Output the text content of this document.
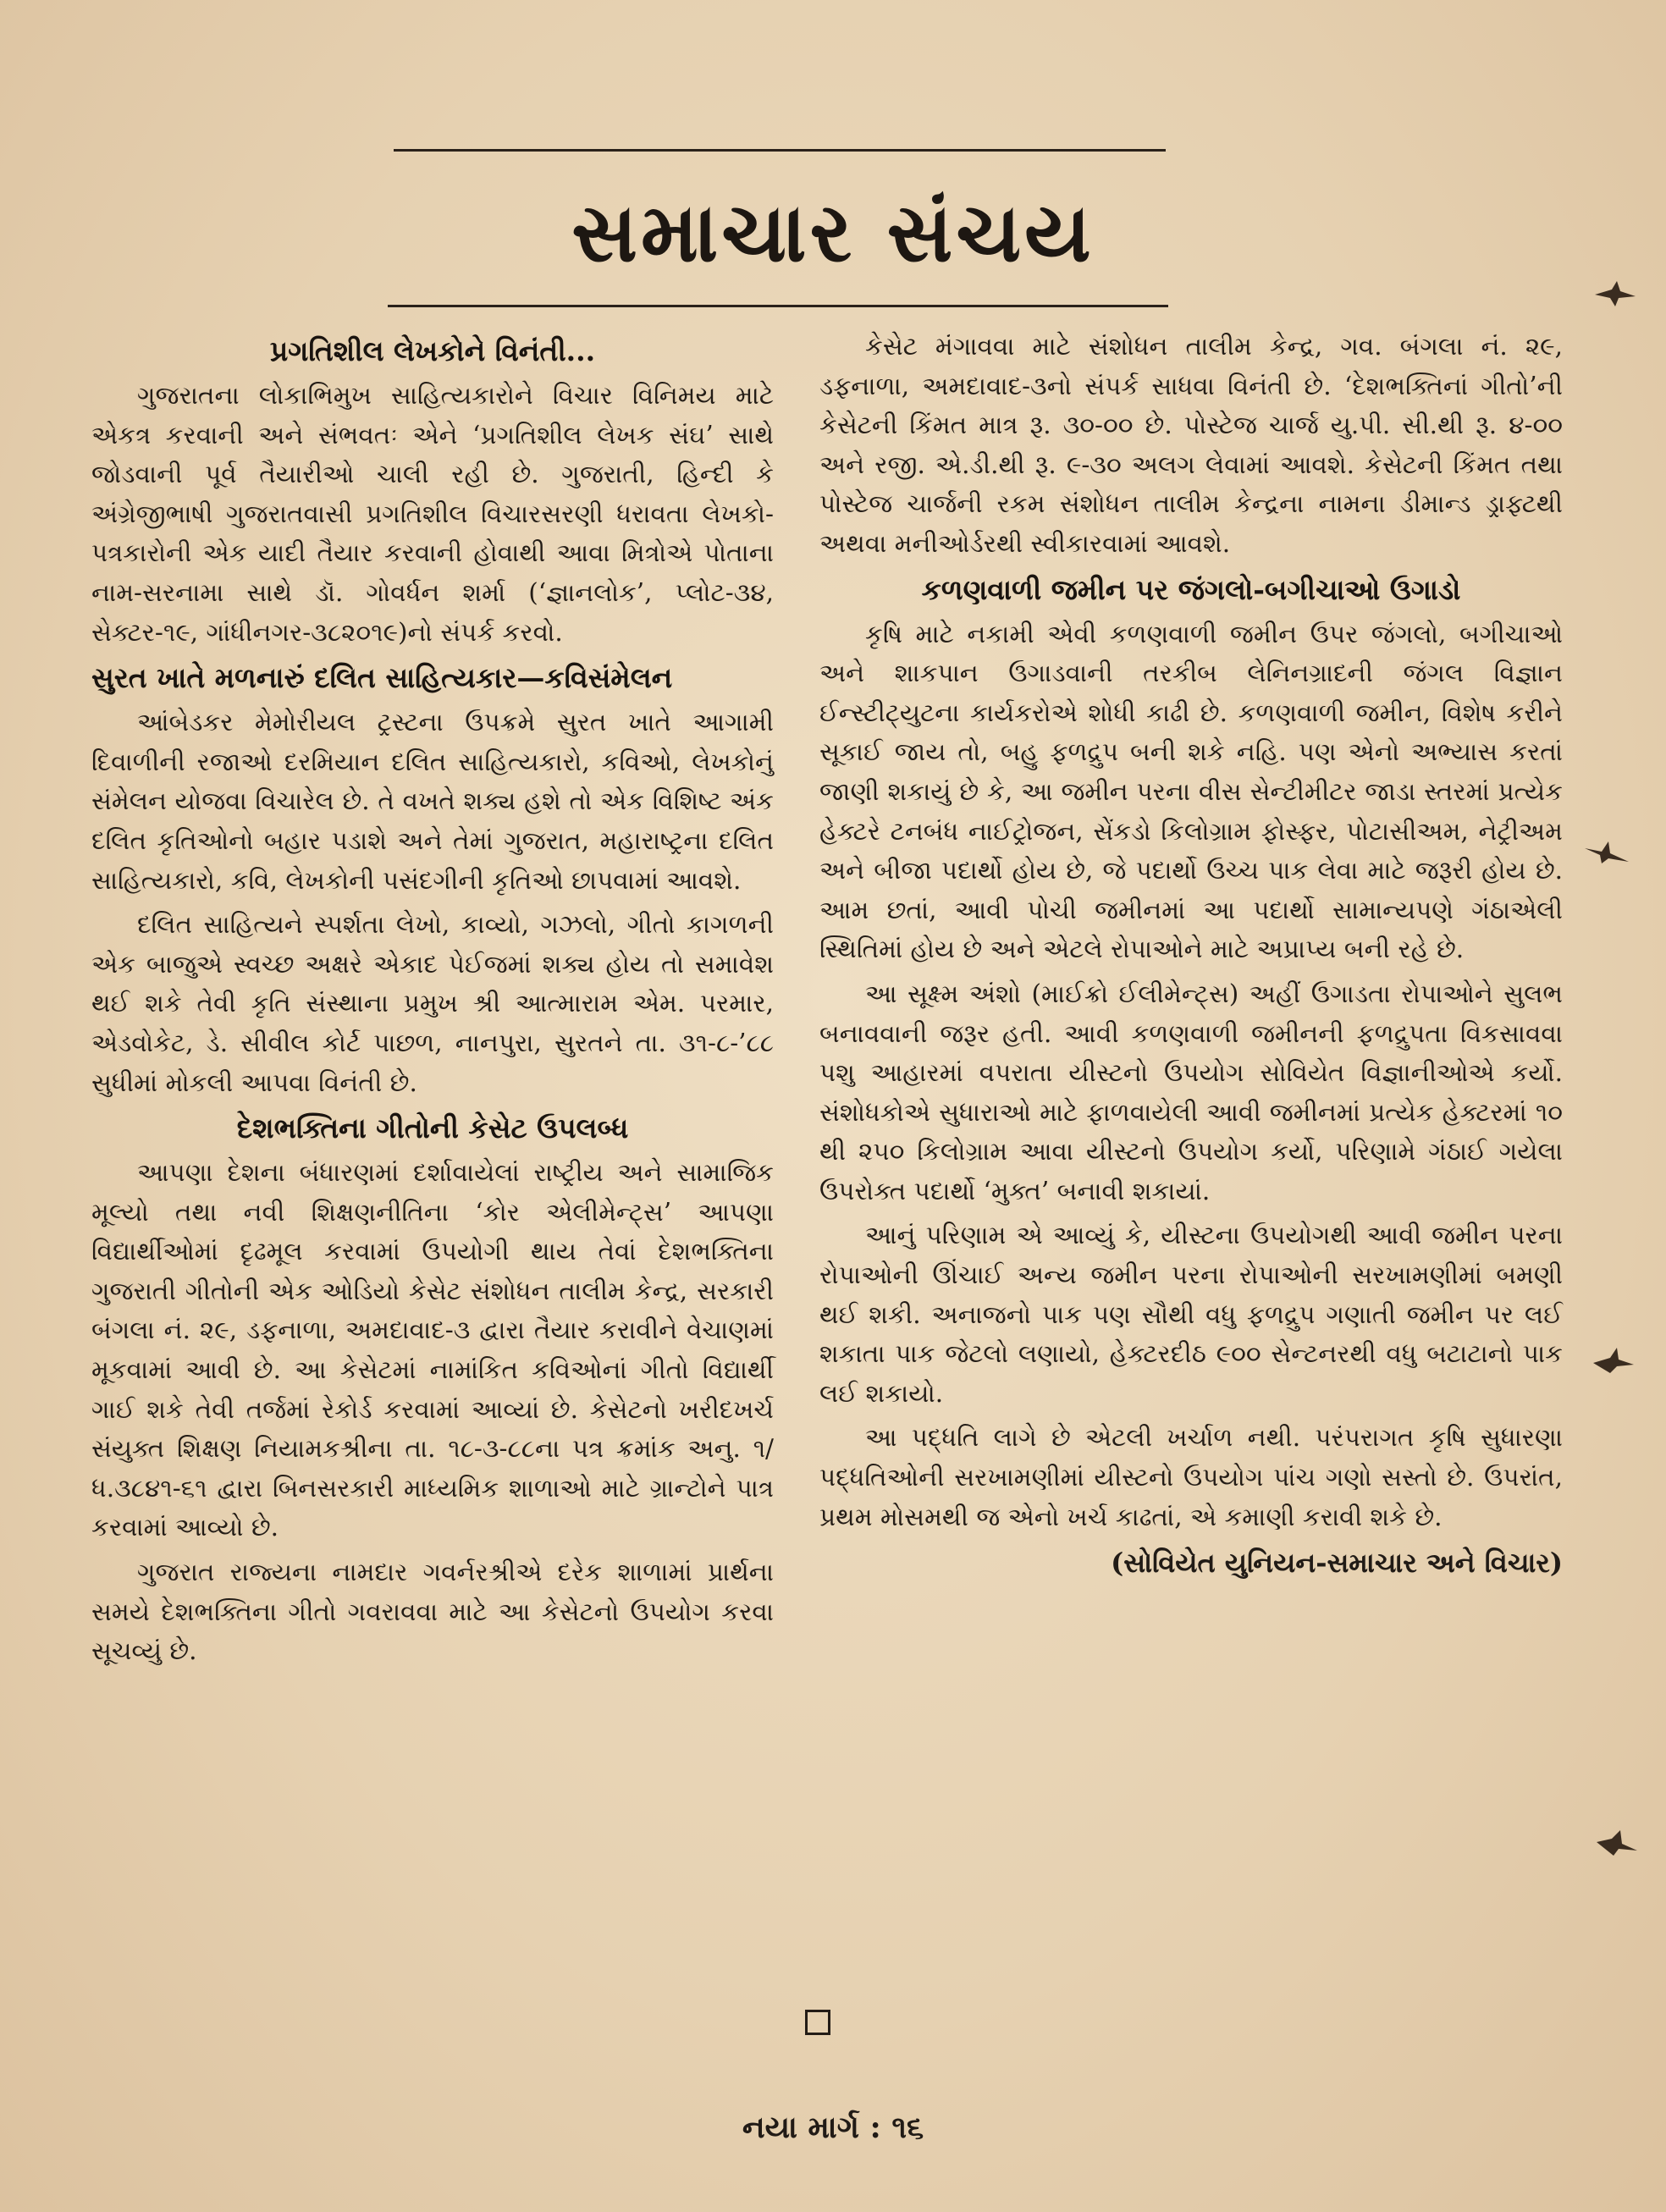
સમાચાર સંચય
પ્રગતિશીલ લેખકોને વિનંતી...

ગુજરાતના લોકાભિમુખ સાહિત્યકારોને વિચાર વિનિમય માટે એકત્ર કરવાની અને સંભવતઃ એને ‘પ્રગતિશીલ લેખક સંઘ’ સાથે જોડવાની પૂર્વ તૈયારીઓ ચાલી રહી છે. ગુજરાતી, હિન્દી કે અંગ્રેજીભાષી ગુજરાતવાસી પ્રગતિશીલ વિચારસરણી ધરાવતા લેખકો-પત્રકારોની એક યાદી તૈયાર કરવાની હોવાથી આવા મિત્રોએ પોતાના નામ-સરનામા સાથે ડૉ. ગોવર્ધન શર્મા (‘જ્ઞાનલોક’, પ્લોટ-૩૪, સેક્ટર-૧૯, ગાંધીનગર-૩૮૨૦૧૯)નો સંપર્ક કરવો.

સુરત ખાતે મળનારું દલિત સાહિત્યકાર—કવિસંમેલન

આંબેડકર મેમોરીયલ ટ્રસ્ટના ઉપક્રમે સુરત ખાતે આગામી દિવાળીની રજાઓ દરમિયાન દલિત સાહિત્યકારો, કવિઓ, લેખકોનું સંમેલન યોજવા વિચારેલ છે. તે વખતે શક્ય હશે તો એક વિશિષ્ટ અંક દલિત કૃતિઓનો બહાર પડાશે અને તેમાં ગુજરાત, મહારાષ્ટ્રના દલિત સાહિત્યકારો, કવિ, લેખકોની પસંદગીની કૃતિઓ છાપવામાં આવશે.

દલિત સાહિત્યને સ્પર્શતા લેખો, કાવ્યો, ગઝલો, ગીતો કાગળની એક બાજુએ સ્વચ્છ અક્ષરે એકાદ પેઈજમાં શક્ય હોય તો સમાવેશ થઈ શકે તેવી કૃતિ સંસ્થાના પ્રમુખ શ્રી આત્મારામ એમ. પરમાર, એડવોકેટ, ડે. સીવીલ કોર્ટ પાછળ, નાનપુરા, સુરતને તા. ૩૧-૮-’૮૮ સુધીમાં મોકલી આપવા વિનંતી છે.

દેશભક્તિના ગીતોની કેસેટ ઉપલબ્ધ

આપણા દેશના બંધારણમાં દર્શાવાયેલાં રાષ્ટ્રીય અને સામાજિક મૂલ્યો તથા નવી શિક્ષણનીતિના ‘કોર એલીમેન્ટ્સ’ આપણા વિદ્યાર્થીઓમાં દૃઢમૂલ કરવામાં ઉપયોગી થાય તેવાં દેશભક્તિના ગુજરાતી ગીતોની એક ઓડિયો કેસેટ સંશોધન તાલીમ કેન્દ્ર, સરકારી બંગલા નં. ૨૯, ડફનાળા, અમદાવાદ-૩ દ્વારા તૈયાર કરાવીને વેચાણમાં મૂકવામાં આવી છે. આ કેસેટમાં નામાંકિત કવિઓનાં ગીતો વિદ્યાર્થી ગાઈ શકે તેવી તર્જમાં રેકોર્ડ કરવામાં આવ્યાં છે. કેસેટનો ખરીદખર્ચ સંયુક્ત શિક્ષણ નિયામકશ્રીના તા. ૧૮-૩-૮૮ના પત્ર ક્રમાંક અનુ. ૧/ધ.૩૮૪૧-૬૧ દ્વારા બિનસરકારી માધ્યમિક શાળાઓ માટે ગ્રાન્ટોને પાત્ર કરવામાં આવ્યો છે.

ગુજરાત રાજ્યના નામદાર ગવર્નરશ્રીએ દરેક શાળામાં પ્રાર્થના સમયે દેશભક્તિના ગીતો ગવરાવવા માટે આ કેસેટનો ઉપયોગ કરવા સૂચવ્યું છે.

કેસેટ મંગાવવા માટે સંશોધન તાલીમ કેન્દ્ર, ગવ. બંગલા નં. ૨૯, ડફનાળા, અમદાવાદ-૩નો સંપર્ક સાધવા વિનંતી છે. ‘દેશભક્તિનાં ગીતો’ની કેસેટની કિંમત માત્ર રૂ. ૩૦-૦૦ છે. પોસ્ટેજ ચાર્જ યુ.પી. સી.થી રૂ. ૪-૦૦ અને રજી. એ.ડી.થી રૂ. ૯-૩૦ અલગ લેવામાં આવશે. કેસેટની કિંમત તથા પોસ્ટેજ ચાર્જની રકમ સંશોધન તાલીમ કેન્દ્રના નામના ડીમાન્ડ ડ્રાફ્ટથી અથવા મનીઓર્ડરથી સ્વીકારવામાં આવશે.

કળણવાળી જમીન પર જંગલો-બગીચાઓ ઉગાડો

કૃષિ માટે નકામી એવી કળણવાળી જમીન ઉપર જંગલો, બગીચાઓ અને શાકપાન ઉગાડવાની તરકીબ લેનિનગ્રાદની જંગલ વિજ્ઞાન ઈન્સ્ટીટ્યુટના કાર્યકરોએ શોધી કાઢી છે. કળણવાળી જમીન, વિશેષ કરીને સૂકાઈ જાય તો, બહુ ફળદ્રુપ બની શકે નહિ. પણ એનો અભ્યાસ કરતાં જાણી શકાયું છે કે, આ જમીન પરના વીસ સેન્ટીમીટર જાડા સ્તરમાં પ્રત્યેક હેક્ટરે ટનબંધ નાઈટ્રોજન, સેંકડો કિલોગ્રામ ફોસ્ફર, પોટાસીઅમ, નેટ્રીઅમ અને બીજા પદાર્થો હોય છે, જે પદાર્થો ઉચ્ચ પાક લેવા માટે જરૂરી હોય છે. આમ છતાં, આવી પોચી જમીનમાં આ પદાર્થો સામાન્યપણે ગંઠાએલી સ્થિતિમાં હોય છે અને એટલે રોપાઓને માટે અપ્રાપ્ય બની રહે છે.

આ સૂક્ષ્મ અંશો (માઈક્રો ઈલીમેન્ટ્સ) અહીં ઉગાડતા રોપાઓને સુલભ બનાવવાની જરૂર હતી. આવી કળણવાળી જમીનની ફળદ્રુપતા વિકસાવવા પશુ આહારમાં વપરાતા યીસ્ટનો ઉપયોગ સોવિયેત વિજ્ઞાનીઓએ કર્યો. સંશોધકોએ સુધારાઓ માટે ફાળવાયેલી આવી જમીનમાં પ્રત્યેક હેક્ટરમાં ૧૦ થી ૨૫૦ કિલોગ્રામ આવા યીસ્ટનો ઉપયોગ કર્યો, પરિણામે ગંઠાઈ ગયેલા ઉપરોક્ત પદાર્થો ‘મુક્ત’ બનાવી શકાયાં.

આનું પરિણામ એ આવ્યું કે, યીસ્ટના ઉપયોગથી આવી જમીન પરના રોપાઓની ઊંચાઈ અન્ય જમીન પરના રોપાઓની સરખામણીમાં બમણી થઈ શકી. અનાજનો પાક પણ સૌથી વધુ ફળદ્રુપ ગણાતી જમીન પર લઈ શકાતા પાક જેટલો લણાયો, હેક્ટરદીઠ ૯૦૦ સેન્ટનરથી વધુ બટાટાનો પાક લઈ શકાયો.

આ પદ્ધતિ લાગે છે એટલી ખર્ચાળ નથી. પરંપરાગત કૃષિ સુધારણા પદ્ધતિઓની સરખામણીમાં યીસ્ટનો ઉપયોગ પાંચ ગણો સસ્તો છે. ઉપરાંત, પ્રથમ મોસમથી જ એનો ખર્ચ કાઢતાં, એ કમાણી કરાવી શકે છે.

(સોવિયેત યુનિયન-સમાચાર અને વિચાર)
નયા માર્ગ : ૧૬
